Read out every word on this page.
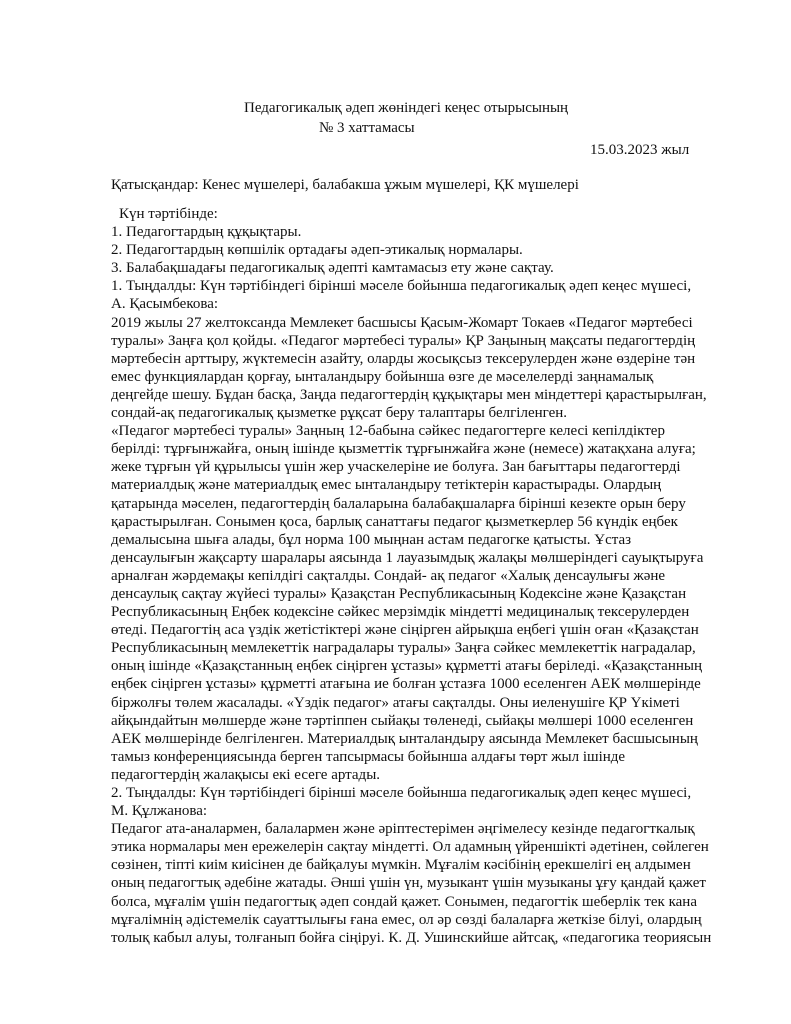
Педагогикалық әдеп жөніндегі кеңес отырысының
№ 3 хаттамасы
15.03.2023 жыл
Қатысқандар: Кенес мүшелері, балабакша ұжым мүшелері, ҚК мүшелері
Күн тәртібінде:
1. Педагогтардың құқықтары.
2. Педагогтардың көпшілік ортадағы әдеп-этикалық нормалары.
3. Балабақшадағы педагогикалық әдепті камтамасыз ету және сақтау.
1. Тыңдалды: Күн тәртібіндегі бірінші мәселе бойынша педагогикалық әдеп кеңес мүшесі,
А. Қасымбекова:
2019 жылы 27 желтоксанда Мемлекет басшысы Қасым-Жомарт Токаев «Педагог мәртебесі
туралы» Заңға қол қойды. «Педагог мәртебесі туралы» ҚР Заңының мақсаты педагогтердің
мәртебесін арттыру, жүктемесін азайту, оларды жосықсыз тексерулерден және өздеріне тән
емес функциялардан қорғау, ынталандыру бойынша өзге де мәселелерді заңнамалық
деңгейде шешу. Бұдан басқа, Заңда педагогтердің құқықтары мен міндеттері қарастырылған,
сондай-ақ педагогикалық қызметке рұқсат беру талаптары белгіленген.
«Педагог мәртебесі туралы» Заңның 12-бабына сәйкес педагогтерге келесі кепілдіктер
берілді: тұрғынжайға, оның ішінде қызметтік тұрғынжайға және (немесе) жатақхана алуға;
жеке тұрғын үй құрылысы үшін жер учаскелеріне ие болуға. Зан бағыттары педагогтерді
материалдық және материалдық емес ынталандыру тетіктерін карастырады. Олардың
қатарында мәселен, педагогтердің балаларына балабақшаларға бірінші кезекте орын беру
қарастырылған. Сонымен қоса, барлық санаттағы педагог қызметкерлер 56 күндік еңбек
демалысына шыға алады, бұл норма 100 мыңнан астам педагогке қатысты. Ұстаз
денсаулығын жақсарту шаралары аясында 1 лауазымдық жалақы мөлшеріндегі сауықтыруға
арналған жәрдемақы кепілдігі сақталды. Сондай- ақ педагог «Халық денсаулығы және
денсаулық сақтау жүйесі туралы» Қазақстан Республикасының Кодексіне және Қазақстан
Республикасының Еңбек кодексіне сәйкес мерзімдік міндетті медициналық тексерулерден
өтеді. Педагогтің аса үздік жетістіктері және сіңірген айрықша еңбегі үшін оған «Қазақстан
Республикасының мемлекеттік наградалары туралы» Заңға сәйкес мемлекеттік наградалар,
оның ішінде «Қазақстанның еңбек сіңірген ұстазы» құрметті атағы беріледі. «Қазақстанның
еңбек сіңірген ұстазы» құрметті атағына ие болған ұстазға 1000 еселенген АЕК мөлшерінде
біржолғы төлем жасалады. «Үздік педагог» атағы сақталды. Оны иеленушіге ҚР Үкіметі
айқындайтын мөлшерде және тәртіппен сыйақы төленеді, сыйақы мөлшері 1000 еселенген
АЕК мөлшерінде белгіленген. Материалдық ынталандыру аясында Мемлекет басшысының
тамыз конференциясында берген тапсырмасы бойынша алдағы төрт жыл ішінде
педагогтердің жалақысы екі есеге артады.
2. Тыңдалды: Күн тәртібіндегі бірінші мәселе бойынша педагогикалық әдеп кеңес мүшесі,
М. Құлжанова:
Педагог ата-аналармен, балалармен және әріптестерімен әңгімелесу кезінде педагогткалық
этика нормалары мен ережелерін сақтау міндетті. Ол адамның үйреншікті әдетінен, сөйлеген
сөзінен, тіпті киім киісінен де байқалуы мүмкін. Мұғалім кәсібінің ерекшелігі ең алдымен
оның педагогтық әдебіне жатады. Әнші үшін үн, музыкант үшін музыканы ұғу қандай қажет
болса, мұғалім үшін педагогтық әдеп сондай қажет. Сонымен, педагогтік шеберлік тек кана
мұғалімнің әдістемелік сауаттылығы ғана емес, ол әр сөзді балаларға жеткізе білуі, олардың
толық кабыл алуы, толғанып бойға сіңіруі. К. Д. Ушинскийше айтсақ, «педагогика теориясын
